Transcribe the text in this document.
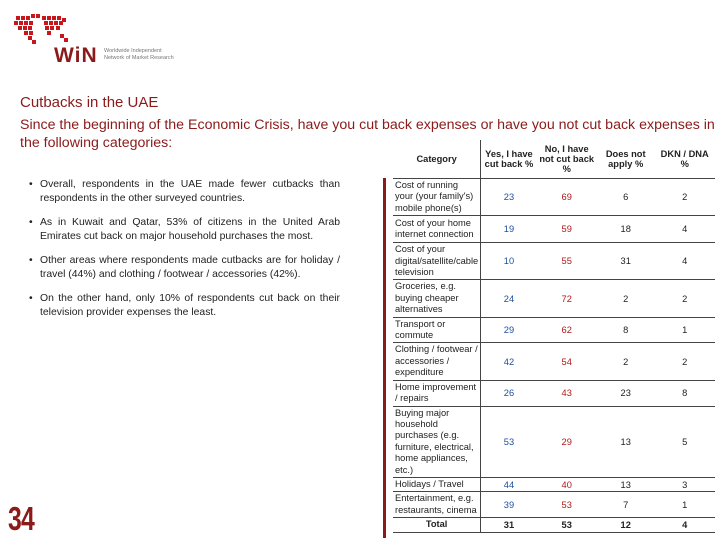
WiN Worldwide Independent Network of Market Research
Cutbacks in the UAE
Since the beginning of the Economic Crisis, have you cut back expenses or have you not cut back expenses in the following categories:
• Overall, respondents in the UAE made fewer cutbacks than respondents in the other surveyed countries.
• As in Kuwait and Qatar, 53% of citizens in the United Arab Emirates cut back on major household purchases the most.
• Other areas where respondents made cutbacks are for holiday / travel (44%) and clothing / footwear / accessories (42%).
• On the other hand, only 10% of respondents cut back on their television provider expenses the least.
Category	Yes, I have cut back %	No, I have not cut back %	Does not apply %	DKN / DNA %
Cost of running your (your family's) mobile phone(s)	23	69	6	2
Cost of your home internet connection	19	59	18	4
Cost of your digital/satellite/cable television	10	55	31	4
Groceries, e.g. buying cheaper alternatives	24	72	2	2
Transport or commute	29	62	8	1
Clothing / footwear / accessories / expenditure	42	54	2	2
Home improvement / repairs	26	43	23	8
Buying major household purchases (e.g. furniture, electrical, home appliances, etc.)	53	29	13	5
Holidays / Travel	44	40	13	3
Entertainment, e.g. restaurants, cinema	39	53	7	1
Total	31	53	12	4
34
